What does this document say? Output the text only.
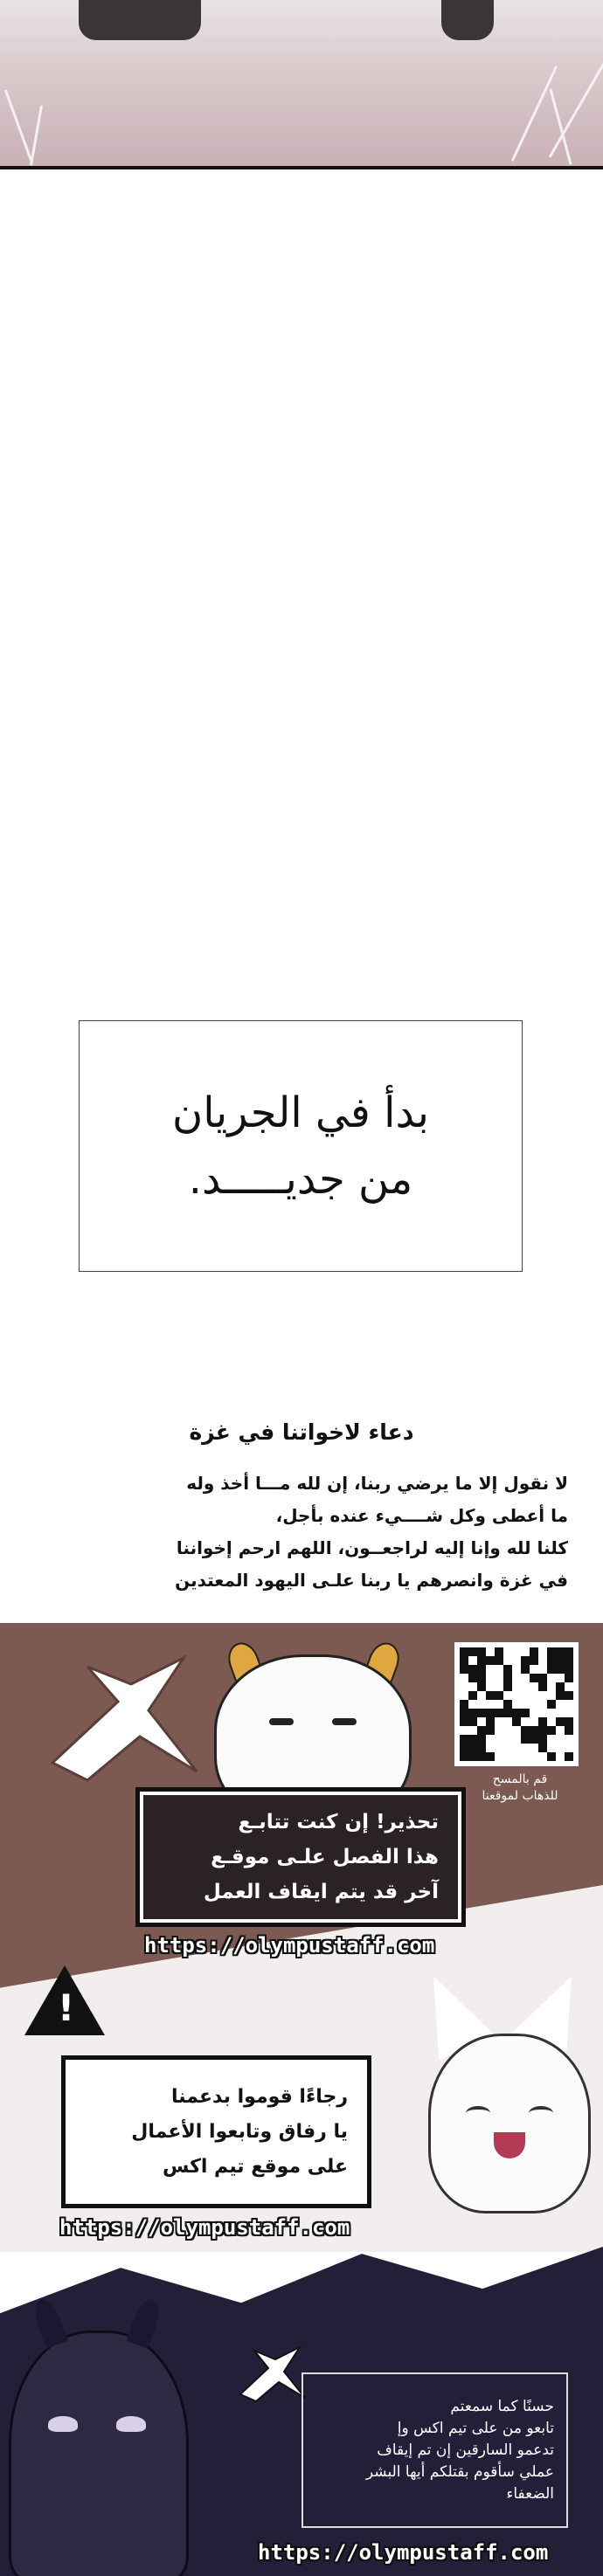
بدأ في الجريان
من جديـــــد.
دعاء لاخواتنا في غزة
لا نقول إلا ما يرضي ربنا، إن لله مـــا أخذ وله
ما أعطى وكل شــــيء عنده بأجل،
كلنا لله وإنا إليه لراجعــون، اللهم ارحم إخواننا
في غزة وانصرهم يا ربنا علـى اليهود المعتدين
قم بالمسح
للذهاب لموقعنا
تحذير! إن كنت تتابـع
هذا الفصل علـى موقـع
آخر قد يتم ايقاف العمل
https://olympustaff.com
!
رجاءًا قوموا بدعمنا
يا رفاق وتابعوا الأعمال
على موقع تيم اكس
https://olympustaff.com
حسنًا كما سمعتم
تابعو من على تيم اكس وإ
تدعمو السارقين إن تم إيقاف
عملي سأقوم بقتلكم أيها البشر
الضعفاء
https://olympustaff.com
